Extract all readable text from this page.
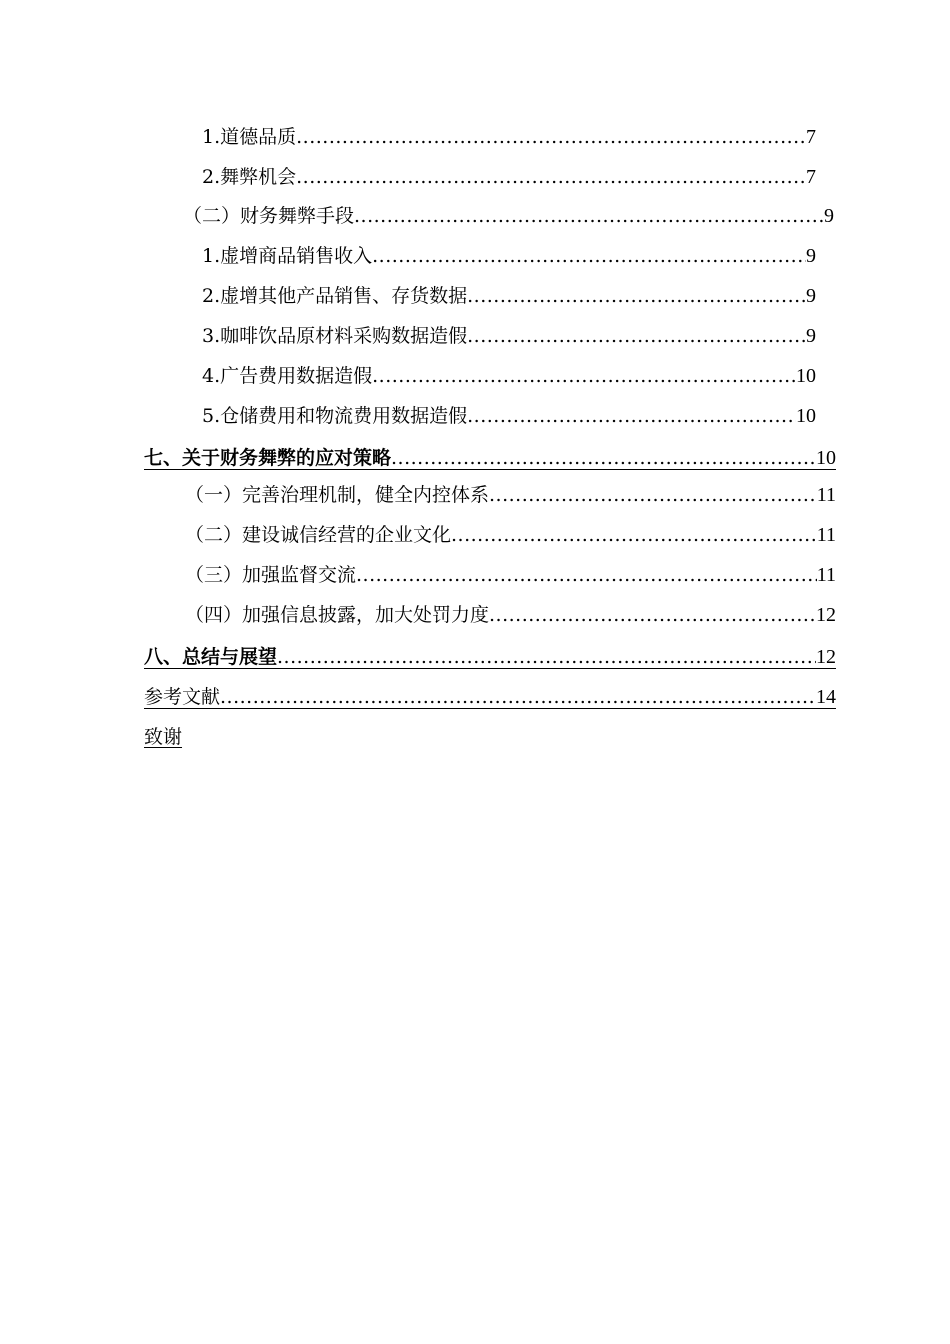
1.道德品质 .....	7
2.舞弊机会 .....	7
（二）财务舞弊手段 .....	9
1.虚增商品销售收入 .....	9
2.虚增其他产品销售、存货数据 .....	9
3.咖啡饮品原材料采购数据造假 .....	9
4.广告费用数据造假 .....	10
5.仓储费用和物流费用数据造假 .....	10
七、关于财务舞弊的应对策略 .....	10
（一）完善治理机制，健全内控体系 .....	11
（二）建设诚信经营的企业文化 .....	11
（三）加强监督交流 .....	11
（四）加强信息披露，加大处罚力度 .....	12
八、总结与展望 .....	12
参考文献 .....	14
致谢
